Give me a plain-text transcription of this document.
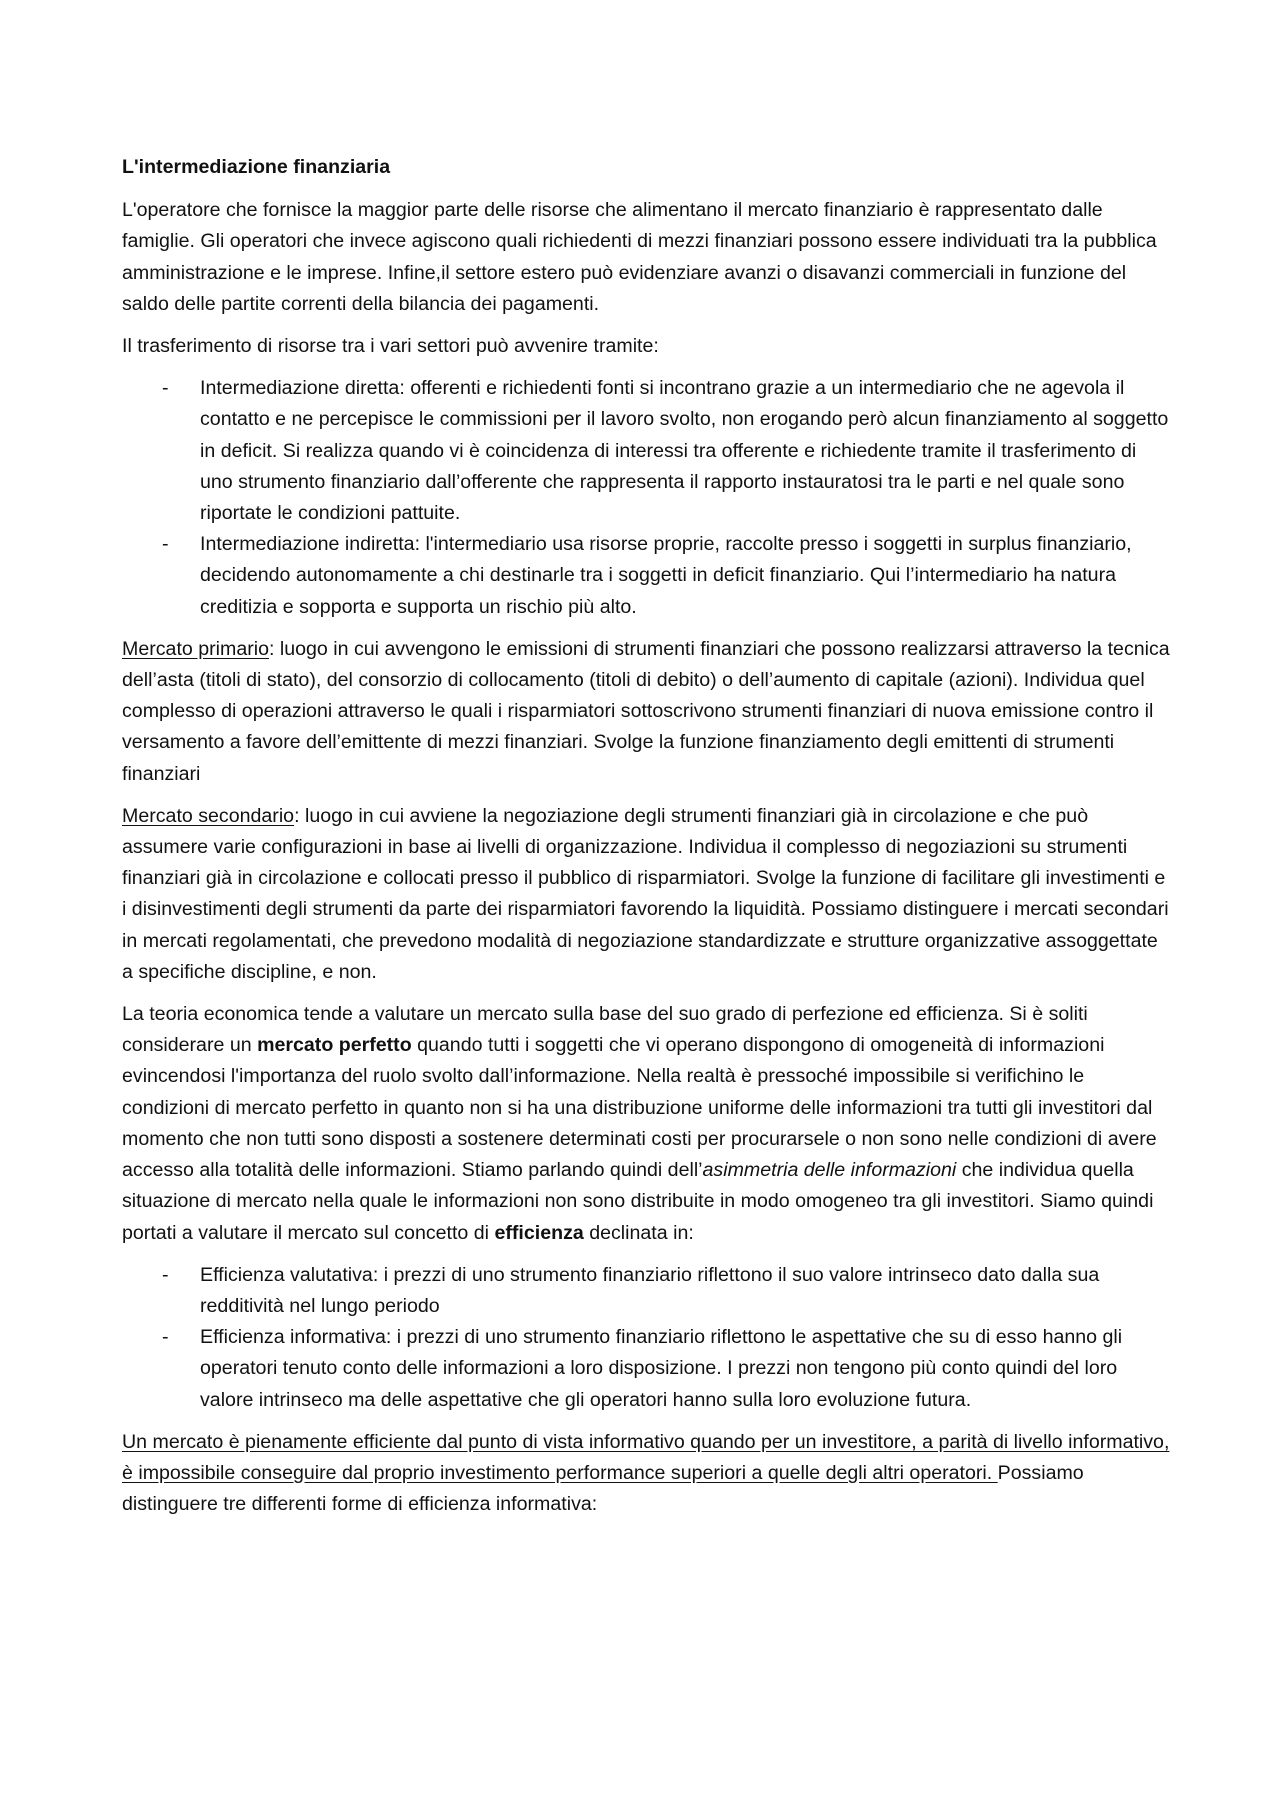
L'intermediazione finanziaria

L'operatore che fornisce la maggior parte delle risorse che alimentano il mercato finanziario è rappresentato dalle famiglie. Gli operatori che invece agiscono quali richiedenti di mezzi finanziari possono essere individuati tra la pubblica amministrazione e le imprese. Infine,il settore estero può evidenziare avanzi o disavanzi commerciali in funzione del saldo delle partite correnti della bilancia dei pagamenti.

Il trasferimento di risorse tra i vari settori può avvenire tramite:

- Intermediazione diretta: offerenti e richiedenti fonti si incontrano grazie a un intermediario che ne agevola il contatto e ne percepisce le commissioni per il lavoro svolto, non erogando però alcun finanziamento al soggetto in deficit. Si realizza quando vi è coincidenza di interessi tra offerente e richiedente tramite il trasferimento di uno strumento finanziario dall’offerente che rappresenta il rapporto instauratosi tra le parti e nel quale sono riportate le condizioni pattuite.
- Intermediazione indiretta: l'intermediario usa risorse proprie, raccolte presso i soggetti in surplus finanziario, decidendo autonomamente a chi destinarle tra i soggetti in deficit finanziario. Qui l’intermediario ha natura creditizia e sopporta e supporta un rischio più alto.

Mercato primario: luogo in cui avvengono le emissioni di strumenti finanziari che possono realizzarsi attraverso la tecnica dell’asta (titoli di stato), del consorzio di collocamento (titoli di debito) o dell’aumento di capitale (azioni). Individua quel complesso di operazioni attraverso le quali i risparmiatori sottoscrivono strumenti finanziari di nuova emissione contro il versamento a favore dell’emittente di mezzi finanziari. Svolge la funzione finanziamento degli emittenti di strumenti finanziari

Mercato secondario: luogo in cui avviene la negoziazione degli strumenti finanziari già in circolazione e che può assumere varie configurazioni in base ai livelli di organizzazione. Individua il complesso di negoziazioni su strumenti finanziari già in circolazione e collocati presso il pubblico di risparmiatori. Svolge la funzione di facilitare gli investimenti e i disinvestimenti degli strumenti da parte dei risparmiatori favorendo la liquidità. Possiamo distinguere i mercati secondari in mercati regolamentati, che prevedono modalità di negoziazione standardizzate e strutture organizzative assoggettate a specifiche discipline, e non.

La teoria economica tende a valutare un mercato sulla base del suo grado di perfezione ed efficienza. Si è soliti considerare un mercato perfetto quando tutti i soggetti che vi operano dispongono di omogeneità di informazioni evincendosi l'importanza del ruolo svolto dall’informazione. Nella realtà è pressoché impossibile si verifichino le condizioni di mercato perfetto in quanto non si ha una distribuzione uniforme delle informazioni tra tutti gli investitori dal momento che non tutti sono disposti a sostenere determinati costi per procurarsele o non sono nelle condizioni di avere accesso alla totalità delle informazioni. Stiamo parlando quindi dell’asimmetria delle informazioni che individua quella situazione di mercato nella quale le informazioni non sono distribuite in modo omogeneo tra gli investitori. Siamo quindi portati a valutare il mercato sul concetto di efficienza declinata in:

- Efficienza valutativa: i prezzi di uno strumento finanziario riflettono il suo valore intrinseco dato dalla sua redditività nel lungo periodo
- Efficienza informativa: i prezzi di uno strumento finanziario riflettono le aspettative che su di esso hanno gli operatori tenuto conto delle informazioni a loro disposizione. I prezzi non tengono più conto quindi del loro valore intrinseco ma delle aspettative che gli operatori hanno sulla loro evoluzione futura.

Un mercato è pienamente efficiente dal punto di vista informativo quando per un investitore, a parità di livello informativo, è impossibile conseguire dal proprio investimento performance superiori a quelle degli altri operatori. Possiamo distinguere tre differenti forme di efficienza informativa:
